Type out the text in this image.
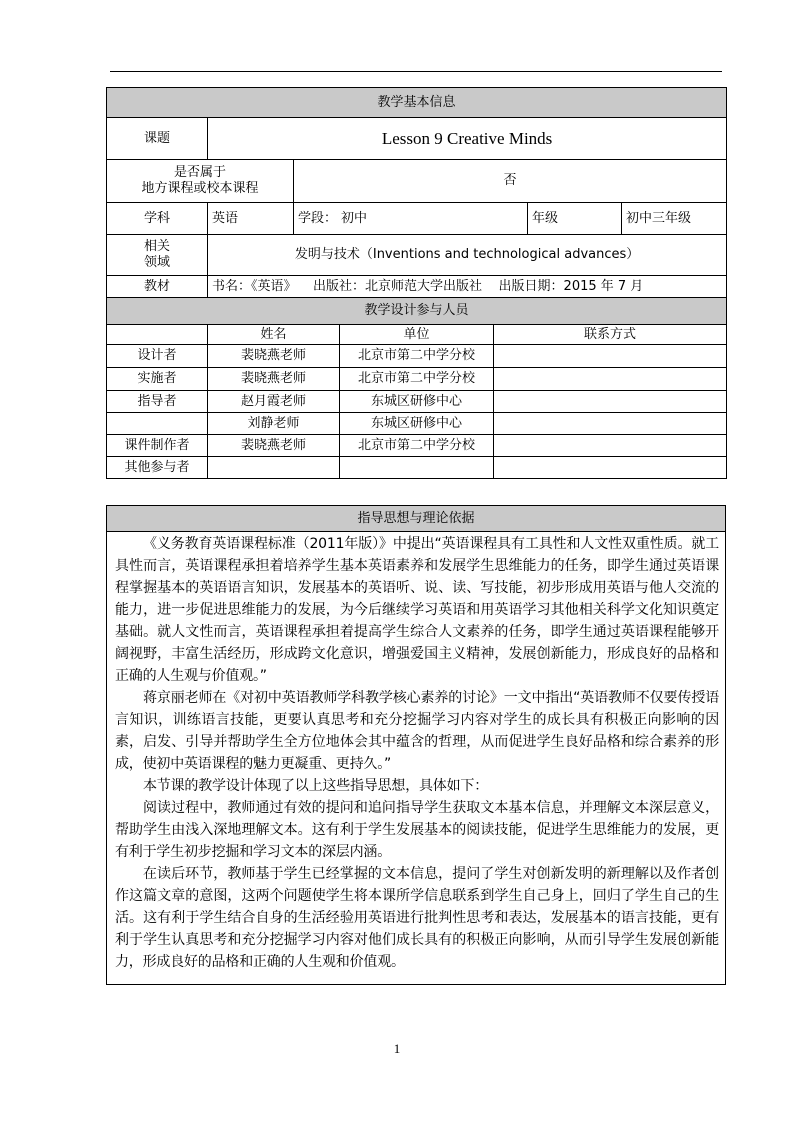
教学基本信息						
课题	Lesson 9 Creative Minds					

是否属于
地方课程或校本课程		否				
学科	英语	学段： 初中			年级	初中三年级

相关
领域	发明与技术（Inventions and technological advances）					
教材	书名：《英语》    出版社：北京师范大学出版社    出版日期：2015 年 7 月					
教学设计参与人员						
	姓名		单位	联系方式		
设计者	裴晓燕老师		北京市第二中学分校			
实施者	裴晓燕老师		北京市第二中学分校			
指导者	赵月霞老师		东城区研修中心			
	刘静老师		东城区研修中心			
课件制作者	裴晓燕老师		北京市第二中学分校			
其他参与者						
指导思想与理论依据

《义务教育英语课程标准（2011年版）》中提出“英语课程具有工具性和人文性双重性质。就工具性而言，英语课程承担着培养学生基本英语素养和发展学生思维能力的任务，即学生通过英语课程掌握基本的英语语言知识，发展基本的英语听、说、读、写技能，初步形成用英语与他人交流的能力，进一步促进思维能力的发展，为今后继续学习英语和用英语学习其他相关科学文化知识奠定基础。就人文性而言，英语课程承担着提高学生综合人文素养的任务，即学生通过英语课程能够开阔视野，丰富生活经历，形成跨文化意识，增强爱国主义精神，发展创新能力，形成良好的品格和正确的人生观与价值观。”

蒋京丽老师在《对初中英语教师学科教学核心素养的讨论》一文中指出“英语教师不仅要传授语言知识，训练语言技能，更要认真思考和充分挖掘学习内容对学生的成长具有积极正向影响的因素，启发、引导并帮助学生全方位地体会其中蕴含的哲理，从而促进学生良好品格和综合素养的形成，使初中英语课程的魅力更凝重、更持久。”

本节课的教学设计体现了以上这些指导思想，具体如下：

阅读过程中，教师通过有效的提问和追问指导学生获取文本基本信息，并理解文本深层意义，帮助学生由浅入深地理解文本。这有利于学生发展基本的阅读技能，促进学生思维能力的发展，更有利于学生初步挖掘和学习文本的深层内涵。

在读后环节，教师基于学生已经掌握的文本信息，提问了学生对创新发明的新理解以及作者创作这篇文章的意图，这两个问题使学生将本课所学信息联系到学生自己身上，回归了学生自己的生活。这有利于学生结合自身的生活经验用英语进行批判性思考和表达，发展基本的语言技能，更有利于学生认真思考和充分挖掘学习内容对他们成长具有的积极正向影响，从而引导学生发展创新能力，形成良好的品格和正确的人生观和价值观。

1
